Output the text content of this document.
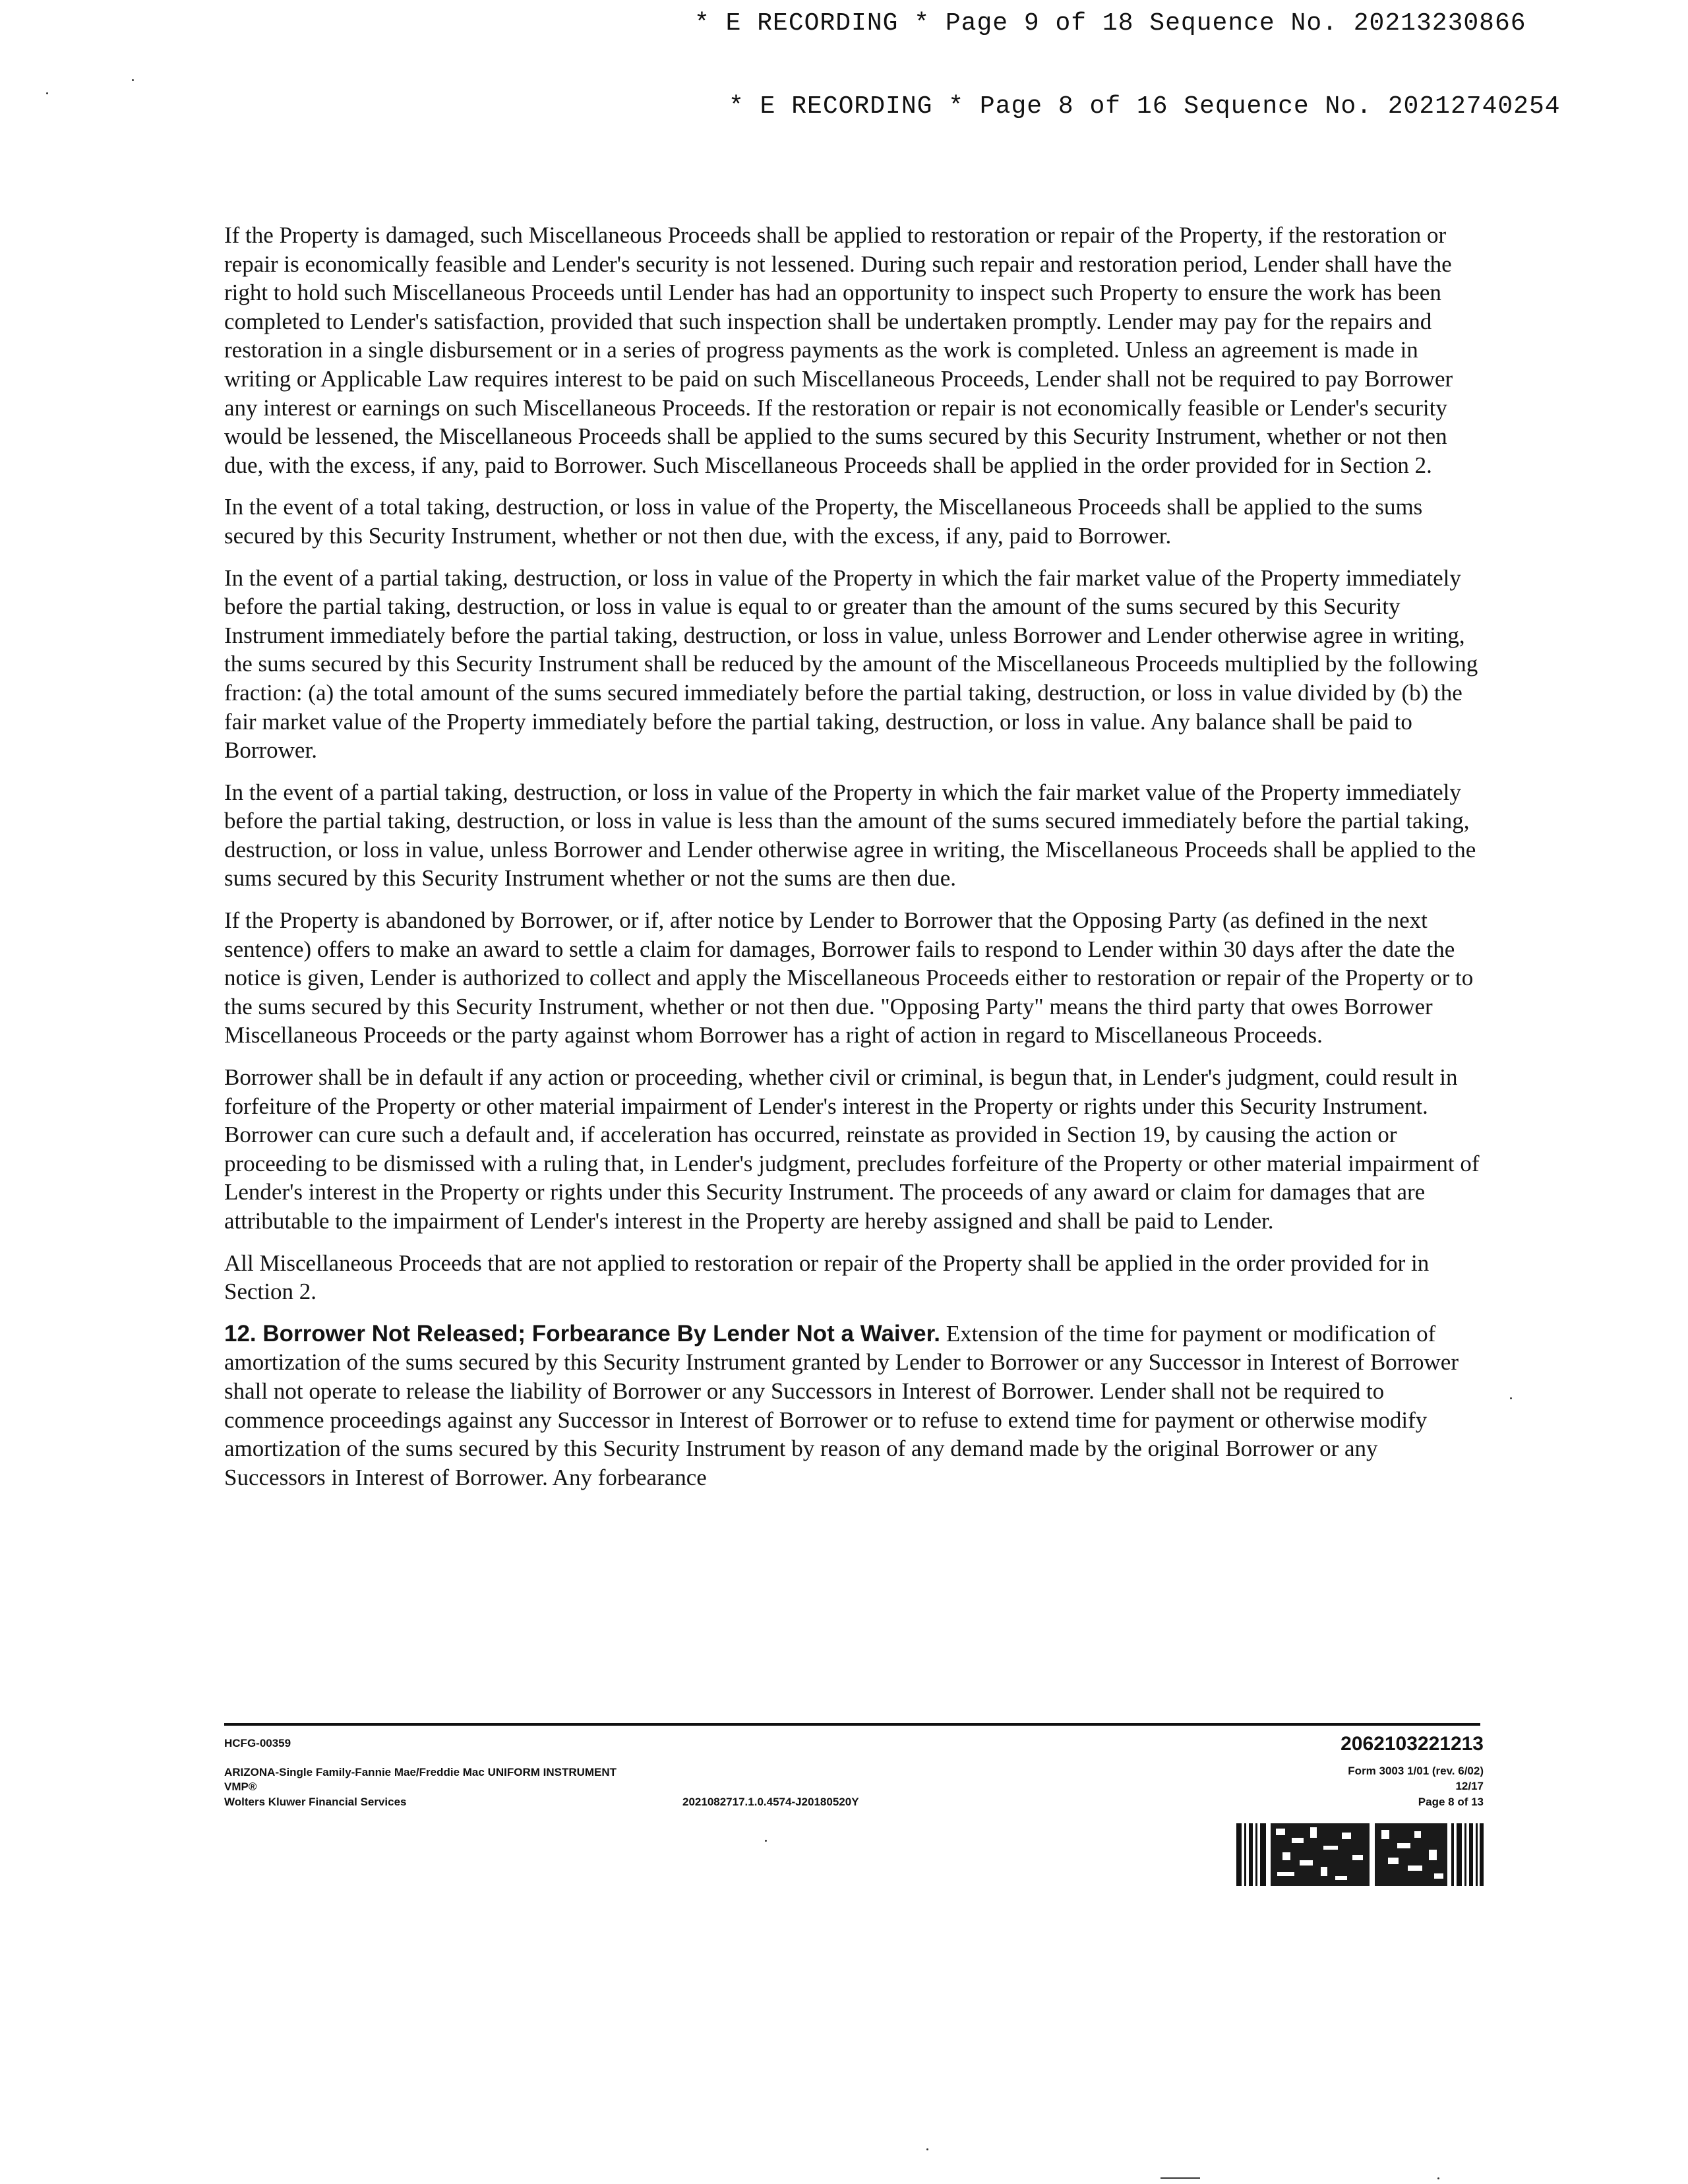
* E RECORDING * Page 9 of 18 Sequence No. 20213230866
* E RECORDING * Page 8 of 16 Sequence No. 20212740254

If the Property is damaged, such Miscellaneous Proceeds shall be applied to restoration or repair of the Property, if the restoration or repair is economically feasible and Lender's security is not lessened. During such repair and restoration period, Lender shall have the right to hold such Miscellaneous Proceeds until Lender has had an opportunity to inspect such Property to ensure the work has been completed to Lender's satisfaction, provided that such inspection shall be undertaken promptly. Lender may pay for the repairs and restoration in a single disbursement or in a series of progress payments as the work is completed. Unless an agreement is made in writing or Applicable Law requires interest to be paid on such Miscellaneous Proceeds, Lender shall not be required to pay Borrower any interest or earnings on such Miscellaneous Proceeds. If the restoration or repair is not economically feasible or Lender's security would be lessened, the Miscellaneous Proceeds shall be applied to the sums secured by this Security Instrument, whether or not then due, with the excess, if any, paid to Borrower. Such Miscellaneous Proceeds shall be applied in the order provided for in Section 2.

In the event of a total taking, destruction, or loss in value of the Property, the Miscellaneous Proceeds shall be applied to the sums secured by this Security Instrument, whether or not then due, with the excess, if any, paid to Borrower.

In the event of a partial taking, destruction, or loss in value of the Property in which the fair market value of the Property immediately before the partial taking, destruction, or loss in value is equal to or greater than the amount of the sums secured by this Security Instrument immediately before the partial taking, destruction, or loss in value, unless Borrower and Lender otherwise agree in writing, the sums secured by this Security Instrument shall be reduced by the amount of the Miscellaneous Proceeds multiplied by the following fraction: (a) the total amount of the sums secured immediately before the partial taking, destruction, or loss in value divided by (b) the fair market value of the Property immediately before the partial taking, destruction, or loss in value. Any balance shall be paid to Borrower.

In the event of a partial taking, destruction, or loss in value of the Property in which the fair market value of the Property immediately before the partial taking, destruction, or loss in value is less than the amount of the sums secured immediately before the partial taking, destruction, or loss in value, unless Borrower and Lender otherwise agree in writing, the Miscellaneous Proceeds shall be applied to the sums secured by this Security Instrument whether or not the sums are then due.

If the Property is abandoned by Borrower, or if, after notice by Lender to Borrower that the Opposing Party (as defined in the next sentence) offers to make an award to settle a claim for damages, Borrower fails to respond to Lender within 30 days after the date the notice is given, Lender is authorized to collect and apply the Miscellaneous Proceeds either to restoration or repair of the Property or to the sums secured by this Security Instrument, whether or not then due. "Opposing Party" means the third party that owes Borrower Miscellaneous Proceeds or the party against whom Borrower has a right of action in regard to Miscellaneous Proceeds.

Borrower shall be in default if any action or proceeding, whether civil or criminal, is begun that, in Lender's judgment, could result in forfeiture of the Property or other material impairment of Lender's interest in the Property or rights under this Security Instrument. Borrower can cure such a default and, if acceleration has occurred, reinstate as provided in Section 19, by causing the action or proceeding to be dismissed with a ruling that, in Lender's judgment, precludes forfeiture of the Property or other material impairment of Lender's interest in the Property or rights under this Security Instrument. The proceeds of any award or claim for damages that are attributable to the impairment of Lender's interest in the Property are hereby assigned and shall be paid to Lender.

All Miscellaneous Proceeds that are not applied to restoration or repair of the Property shall be applied in the order provided for in Section 2.

12. Borrower Not Released; Forbearance By Lender Not a Waiver. Extension of the time for payment or modification of amortization of the sums secured by this Security Instrument granted by Lender to Borrower or any Successor in Interest of Borrower shall not operate to release the liability of Borrower or any Successors in Interest of Borrower. Lender shall not be required to commence proceedings against any Successor in Interest of Borrower or to refuse to extend time for payment or otherwise modify amortization of the sums secured by this Security Instrument by reason of any demand made by the original Borrower or any Successors in Interest of Borrower. Any forbearance

HCFG-00359
ARIZONA-Single Family-Fannie Mae/Freddie Mac UNIFORM INSTRUMENT
VMP®
Wolters Kluwer Financial Services	2021082717.1.0.4574-J20180520Y
2062103221213
Form 3003 1/01 (rev. 6/02)
12/17
Page 8 of 13
